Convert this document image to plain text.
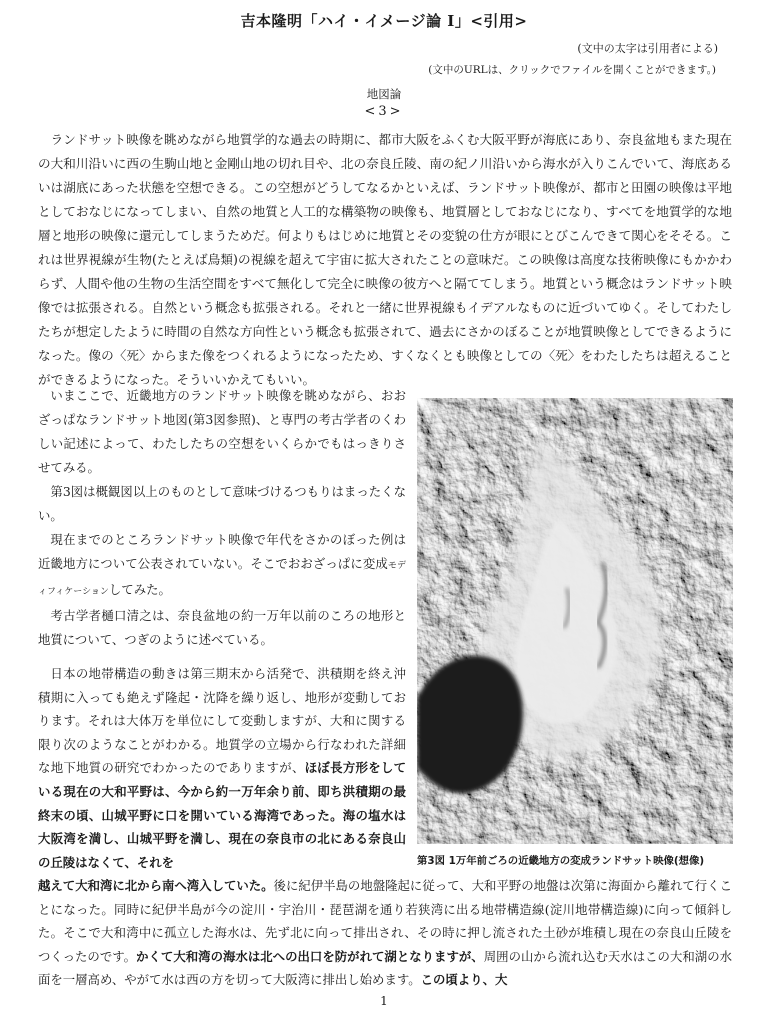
吉本隆明「ハイ・イメージ論 Ⅰ」<引用>
(文中の太字は引用者による)
(文中のURLは、クリックでファイルを開くことができます。)
地図論
<3>

ランドサット映像を眺めながら地質学的な過去の時期に、都市大阪をふくむ大阪平野が海底にあり、奈良盆地もまた現在の大和川沿いに西の生駒山地と金剛山地の切れ目や、北の奈良丘陵、南の紀ノ川沿いから海水が入りこんでいて、海底あるいは湖底にあった状態を空想できる。この空想がどうしてなるかといえば、ランドサット映像が、都市と田園の映像は平地としておなじになってしまい、自然の地質と人工的な構築物の映像も、地質層としておなじになり、すべてを地質学的な地層と地形の映像に還元してしまうためだ。何よりもはじめに地質とその変貌の仕方が眼にとびこんできて関心をそそる。これは世界視線が生物(たとえば鳥類)の視線を超えて宇宙に拡大されたことの意味だ。この映像は高度な技術映像にもかかわらず、人間や他の生物の生活空間をすべて無化して完全に映像の彼方へと隔ててしまう。地質という概念はランドサット映像では拡張される。自然という概念も拡張される。それと一緒に世界視線もイデアルなものに近づいてゆく。そしてわたしたちが想定したように時間の自然な方向性という概念も拡張されて、過去にさかのぼることが地質映像としてできるようになった。像の〈死〉からまた像をつくれるようになったため、すくなくとも映像としての〈死〉をわたしたちは超えることができるようになった。そういいかえてもいい。

いまここで、近畿地方のランドサット映像を眺めながら、おおざっぱなランドサット地図(第3図参照)、と専門の考古学者のくわしい記述によって、わたしたちの空想をいくらかでもはっきりさせてみる。

第3図は概観図以上のものとして意味づけるつもりはまったくない。

現在までのところランドサット映像で年代をさかのぼった例は近畿地方について公表されていない。そこでおおざっぱに変成モディフィケーションしてみた。

考古学者樋口清之は、奈良盆地の約一万年以前のころの地形と地質について、つぎのように述べている。

日本の地帯構造の動きは第三期末から活発で、洪積期を終え沖積期に入っても絶えず隆起・沈降を繰り返し、地形が変動しております。それは大体万を単位にして変動しますが、大和に関する限り次のようなことがわかる。地質学の立場から行なわれた詳細な地下地質の研究でわかったのでありますが、ほぼ長方形をしている現在の大和平野は、今から約一万年余り前、即ち洪積期の最終末の頃、山城平野に口を開いている海湾であった。海の塩水は大阪湾を満し、山城平野を満し、現在の奈良市の北にある奈良山の丘陵はなくて、それを	第3図 1万年前ごろの近畿地方の変成ランドサット映像(想像)

越えて大和湾に北から南へ湾入していた。後に紀伊半島の地盤隆起に従って、大和平野の地盤は次第に海面から離れて行くことになった。同時に紀伊半島が今の淀川・宇治川・琵琶湖を通り若狭湾に出る地帯構造線(淀川地帯構造線)に向って傾斜した。そこで大和湾中に孤立した海水は、先ず北に向って排出され、その時に押し流された土砂が堆積し現在の奈良山丘陵をつくったのです。かくて大和湾の海水は北への出口を防がれて湖となりますが、周囲の山から流れ込む天水はこの大和湖の水面を一層高め、やがて水は西の方を切って大阪湾に排出し始めます。この頃より、大

1
